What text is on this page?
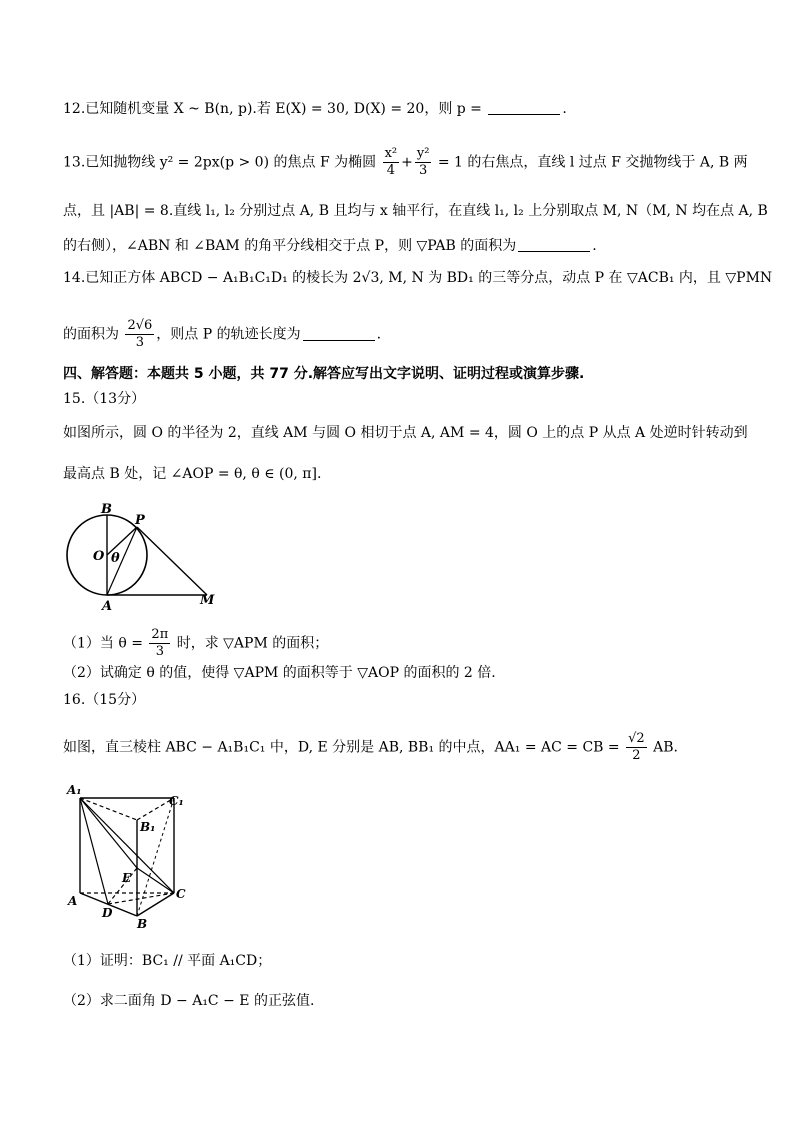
12.已知随机变量 X ~ B(n, p).若 E(X) = 30, D(X) = 20，则 p =	.
13.已知抛物线 y² = 2px(p > 0) 的焦点 F 为椭圆 $\frac{\text{x²}}{4} + \frac{\text{y²}}{3} = 1$ 的右焦点，直线 l 过点 F 交抛物线于 A, B 两
点，且 |AB| = 8.直线 l₁, l₂ 分别过点 A, B 且均与 x 轴平行，在直线 l₁, l₂ 上分别取点 M, N（M, N 均在点 A, B
的右侧），∠ABN 和 ∠BAM 的角平分线相交于点 P，则 ▽PAB 的面积为	.
14.已知正方体 ABCD − A₁B₁C₁D₁ 的棱长为 2√3, M, N 为 BD₁ 的三等分点，动点 P 在 ▽ACB₁ 内，且 ▽PMN
的面积为 $\frac{2√6}{3}$ ，则点 P 的轨迹长度为	.
四、解答题：本题共 5 小题，共 77 分.解答应写出文字说明、证明过程或演算步骤.
15.（13分）
如图所示，圆 O 的半径为 2，直线 AM 与圆 O 相切于点 A, AM = 4，圆 O 上的点 P 从点 A 处逆时针转动到
最高点 B 处，记 ∠AOP = θ, θ ∈ (0, π].
B
P
O θ
A	M
（1）当 $\theta = \frac{2\pi}{3}$ 时，求 ▽APM 的面积；
（2）试确定 θ 的值，使得 ▽APM 的面积等于 ▽AOP 的面积的 2 倍.
16.（15分）
如图，直三棱柱 ABC − A₁B₁C₁ 中，D, E 分别是 AB, BB₁ 的中点，AA₁ = AC = CB = $\frac{√2}{2}$ AB.
A₁
C₁
B₁
E
A
D
B
C
（1）证明：BC₁ // 平面 A₁CD；
（2）求二面角 D − A₁C − E 的正弦值.
